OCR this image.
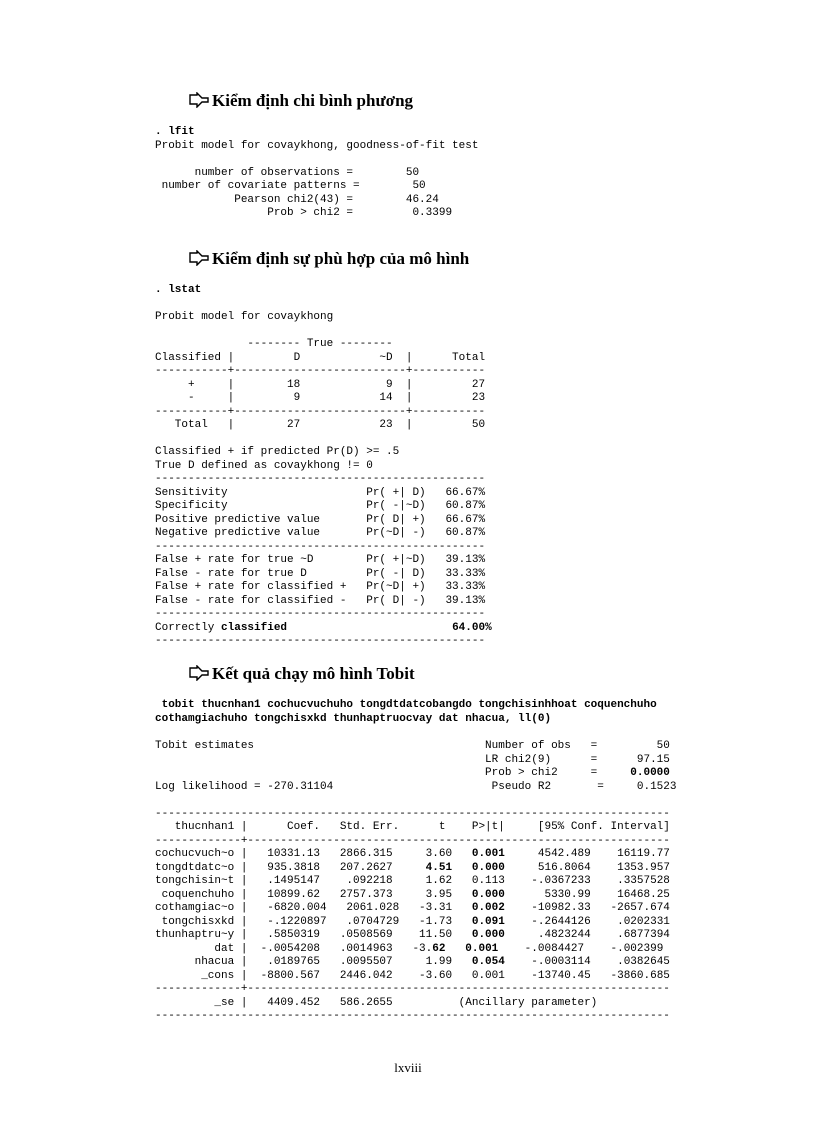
Kiểm định chi bình phương
. lfit
Probit model for covaykhong, goodness-of-fit test
number of observations =        50
number of covariate patterns =        50
Pearson chi2(43) =        46.24
Prob > chi2 =         0.3399
Kiểm định sự phù hợp của mô hình
. lstat
Probit model for covaykhong
-------- True --------
Classified |         D            ~D  |      Total
-----------+--------------------------+-----------
+     |        18             9  |         27
-     |         9            14  |         23
-----------+--------------------------+-----------
Total   |        27            23  |         50
Classified + if predicted Pr(D) >= .5
True D defined as covaykhong != 0
--------------------------------------------------
Sensitivity                     Pr( +| D)   66.67%
Specificity                     Pr( -|~D)   60.87%
Positive predictive value       Pr( D| +)   66.67%
Negative predictive value       Pr(~D| -)   60.87%
--------------------------------------------------
False + rate for true ~D        Pr( +|~D)   39.13%
False - rate for true D         Pr( -| D)   33.33%
False + rate for classified +   Pr(~D| +)   33.33%
False - rate for classified -   Pr( D| -)   39.13%
--------------------------------------------------
Correctly classified	64.00%
--------------------------------------------------
Kết quả chạy mô hình Tobit
tobit thucnhan1 cochucvuchuho tongdtdatcobangdo tongchisinhhoat coquenchuho
cothamgiachuho tongchisxkd thunhaptruocvay dat nhacua, ll(0)
Tobit estimates                                   Number of obs   =         50
LR chi2(9)      =      97.15
Prob > chi2     =     0.0000
Log likelihood = -270.31104                        Pseudo R2       =     0.1523
------------------------------------------------------------------------------
thucnhan1 |      Coef.   Std. Err.      t    P>|t|     [95% Conf. Interval]
-------------+----------------------------------------------------------------
cochucvuch~o |   10331.13   2866.315     3.60   0.001     4542.489    16119.77
tongdtdatc~o |   935.3818   207.2627     4.51 0.000     516.8064    1353.957
tongchisin~t |   .1495147    .092218     1.62   0.113    -.0367233    .3357528
coquenchuho |   10899.62   2757.373     3.95   0.000      5330.99    16468.25
cothamgiac~o |   -6820.004   2061.028   -3.31   0.002    -10982.33   -2657.674
tongchisxkd |   -.1220897   .0704729   -1.73   0.091    -.2644126    .0202331
thunhaptru~y |   .5850319   .0508569    11.50   0.000     .4823244    .6877394
dat |  -.0054208   .0014963   -3.62 0.001    -.0084427    -.002399
nhacua |   .0189765   .0095507     1.99   0.054    -.0003114    .0382645
_cons |  -8800.567   2446.042    -3.60   0.001    -13740.45   -3860.685
-------------+----------------------------------------------------------------
_se |   4409.452   586.2655          (Ancillary parameter)
------------------------------------------------------------------------------
lxviii
